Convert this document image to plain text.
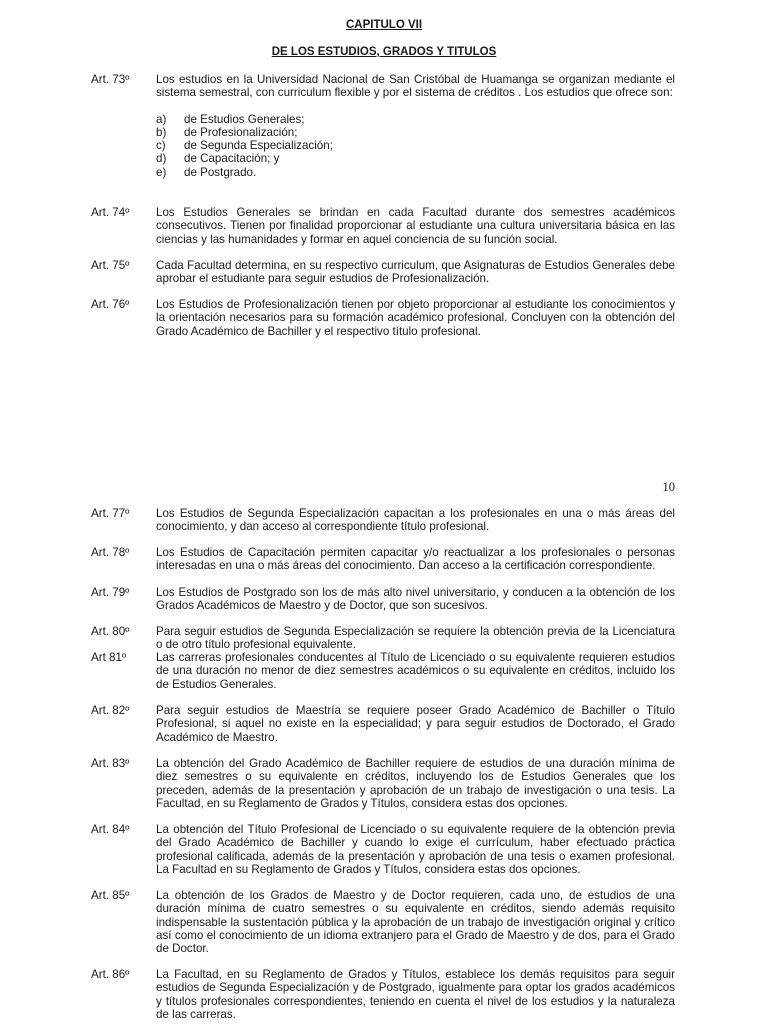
CAPITULO VII
DE LOS ESTUDIOS, GRADOS Y TITULOS
Art. 73º	Los estudios en la Universidad Nacional de San Cristóbal de Huamanga se organizan mediante el sistema semestral, con curriculum flexible y por el sistema de créditos . Los estudios que ofrece son:
a) de Estudios Generales;
b) de Profesionalización;
c) de Segunda Especialización;
d) de Capacitación; y
e) de Postgrado.
Art. 74º	Los Estudios Generales se brindan en cada Facultad durante dos semestres académicos consecutivos. Tienen por finalidad proporcionar al estudiante una cultura universitaria básica en las ciencias y las humanidades y formar en aquel conciencia de su función social.
Art. 75º	Cada Facultad determina, en su respectivo curriculum, que Asignaturas de Estudios Generales debe aprobar el estudiante para seguir estudios de Profesionalización.
Art. 76º	Los Estudios de Profesionalización tienen por objeto proporcionar al estudiante los conocimientos y la orientación necesarios para su formación académico profesional. Concluyen con la obtención del Grado Académico de Bachiller y el respectivo título profesional.
10
Art. 77º	Los Estudios de Segunda Especialización capacitan a los profesionales en una o más áreas del conocimiento, y dan acceso al correspondiente título profesional.
Art. 78º	Los Estudios de Capacitación permiten capacitar y/o reactualizar a los profesionales o personas interesadas en una o más áreas del conocimiento. Dan acceso a la certificación correspondiente.
Art. 79º	Los Estudios de Postgrado son los de más alto nivel universitario, y conducen a la obtención de los Grados Académicos de Maestro y de Doctor, que son sucesivos.
Art. 80º	Para seguir estudios de Segunda Especialización se requiere la obtención previa de la Licenciatura o de otro título profesional equivalente.
Art 81º	Las carreras profesionales conducentes al Título de Licenciado o su equivalente requieren estudios de una duración no menor de diez semestres académicos o su equivalente en créditos, incluido los de Estudios Generales.
Art. 82º	Para seguir estudios de Maestría se requiere poseer Grado Académico de Bachiller o Título Profesional, si aquel no existe en la especialidad; y para seguir estudios de Doctorado, el Grado Académico de Maestro.
Art. 83º	La obtención del Grado Académico de Bachiller requiere de estudios de una duración mínima de diez semestres o su equivalente en créditos, incluyendo los de Estudios Generales que los preceden, además de la presentación y aprobación de un trabajo de investigación o una tesis. La Facultad, en su Reglamento de Grados y Títulos, considera estas dos opciones.
Art. 84º	La obtención del Título Profesional de Licenciado o su equivalente requiere de la obtención previa del Grado Académico de Bachiller y cuando lo exige el currículum, haber efectuado práctica profesional calificada, además de la presentación y aprobación de una tesis o examen profesional. La Facultad en su Reglamento de Grados y Títulos, considera estas dos opciones.
Art. 85º	La obtención de los Grados de Maestro y de Doctor requieren, cada uno, de estudios de una duración mínima de cuatro semestres o su equivalente en créditos, siendo además requisito indispensable la sustentación pública y la aprobación de un trabajo de investigación original y crítico así como el conocimiento de un idioma extranjero para el Grado de Maestro y de dos, para el Grado de Doctor.
Art. 86º	La Facultad, en su Reglamento de Grados y Títulos, establece los demás requisitos para seguir estudios de Segunda Especialización y de Postgrado, igualmente para optar los grados académicos y títulos profesionales correspondientes, teniendo en cuenta el nivel de los estudios y la naturaleza de las carreras.
